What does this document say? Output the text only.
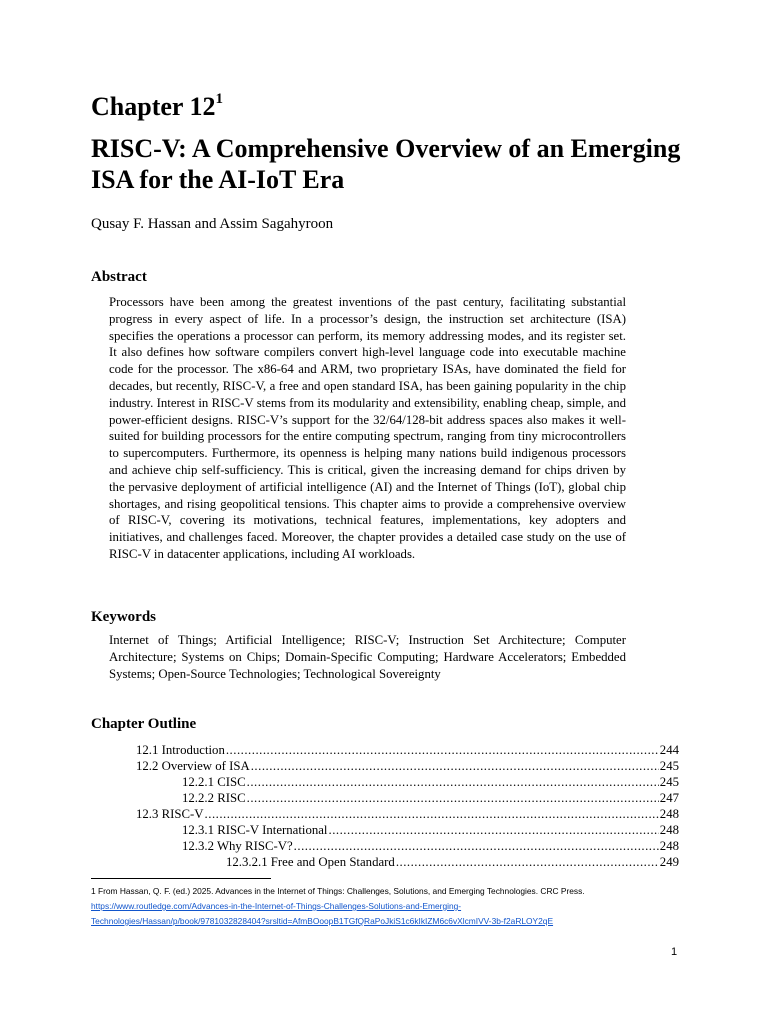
Chapter $12^1$
RISC-V: A Comprehensive Overview of an Emerging ISA for the AI-IoT Era
Qusay F. Hassan and Assim Sagahyroon
Abstract
Processors have been among the greatest inventions of the past century, facilitating substantial progress in every aspect of life. In a processor’s design, the instruction set architecture (ISA) specifies the operations a processor can perform, its memory addressing modes, and its register set. It also defines how software compilers convert high-level language code into executable machine code for the processor. The x86-64 and ARM, two proprietary ISAs, have dominated the field for decades, but recently, RISC-V, a free and open standard ISA, has been gaining popularity in the chip industry. Interest in RISC-V stems from its modularity and extensibility, enabling cheap, simple, and power-efficient designs. RISC-V’s support for the 32/64/128-bit address spaces also makes it well-suited for building processors for the entire computing spectrum, ranging from tiny microcontrollers to supercomputers. Furthermore, its openness is helping many nations build indigenous processors and achieve chip self-sufficiency. This is critical, given the increasing demand for chips driven by the pervasive deployment of artificial intelligence (AI) and the Internet of Things (IoT), global chip shortages, and rising geopolitical tensions. This chapter aims to provide a comprehensive overview of RISC-V, covering its motivations, technical features, implementations, key adopters and initiatives, and challenges faced. Moreover, the chapter provides a detailed case study on the use of RISC-V in datacenter applications, including AI workloads.
Keywords
Internet of Things; Artificial Intelligence; RISC-V; Instruction Set Architecture; Computer Architecture; Systems on Chips; Domain-Specific Computing; Hardware Accelerators; Embedded Systems; Open-Source Technologies; Technological Sovereignty
Chapter Outline
12.1 Introduction .....	244
12.2 Overview of ISA .....	245
12.2.1 CISC .....	245
12.2.2 RISC .....	247
12.3 RISC-V .....	248
12.3.1 RISC-V International .....	248
12.3.2 Why RISC-V? .....	248
12.3.2.1 Free and Open Standard .....	249
1 From Hassan, Q. F. (ed.) 2025. Advances in the Internet of Things: Challenges, Solutions, and Emerging Technologies. CRC Press.
https://www.routledge.com/Advances-in-the-Internet-of-Things-Challenges-Solutions-and-Emerging-
Technologies/Hassan/p/book/9781032828404?srsltid=AfmBOoopB1TGfQRaPoJkiS1c6kIkIZM6c6vXlcmIVV-3b-f2aRLOY2qE
1
